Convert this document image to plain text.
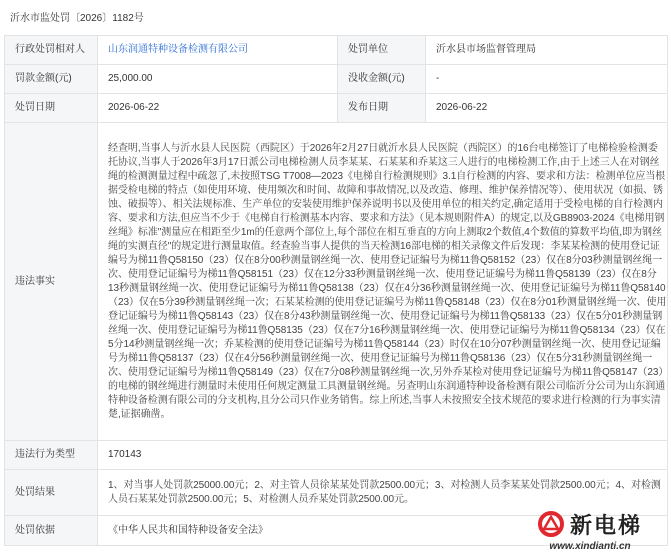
沂水市监处罚〔2026〕1182号
行政处罚相对人	山东润通特种设备检测有限公司	处罚单位	沂水县市场监督管理局
罚款金额(元)	25,000.00	没收金额(元)	-
处罚日期	2026-06-22	发布日期	2026-06-22
违法事实	经查明,当事人与沂水县人民医院（西院区）于2026年2月27日就沂水县人民医院（西院区）的16台电梯签订了电梯检验检测委托协议,当事人于2026年3月17日派公司电梯检测人员李某某、石某某和乔某这三人进行的电梯检测工作,由于上述三人在对钢丝绳的检测测量过程中疏忽了,未按照TSG T7008—2023《电梯自行检测规则》3.1自行检测的内容、要求和方法：检测单位应当根据受检电梯的特点（如使用环境、使用频次和时间、故障和事故情况,以及改造、修理、维护保养情况等）、使用状况（如损、锈蚀、破损等）、相关法规标准、生产单位的安装使用维护保养说明书以及使用单位的相关约定,确定适用于受检电梯的自行检测内容、要求和方法,但应当不少于《电梯自行检测基本内容、要求和方法》（见本规则附件A）的规定,以及GB8903-2024《电梯用钢丝绳》标准"测量应在相距至少1m的任意两个部位上,每个部位在相互垂直的方向上测取2个数值,4个数值的算数平均值,即为钢丝绳的实测直径"的规定进行测量取值。经查验当事人提供的当天检测16部电梯的相关录像文件后发现：李某某检测的使用登记证编号为梯11鲁Q58150（23）仅在8分00秒测量钢丝绳一次、使用登记证编号为梯11鲁Q58152（23）仅在8分03秒测量钢丝绳一次、使用登记证编号为梯11鲁Q58151（23）仅在12分33秒测量钢丝绳一次、使用登记证编号为梯11鲁Q58139（23）仅在8分13秒测量钢丝绳一次、使用登记证编号为梯11鲁Q58138（23）仅在4分36秒测量钢丝绳一次、使用登记证编号为梯11鲁Q58140（23）仅在5分39秒测量钢丝绳一次；石某某检测的使用登记证编号为梯11鲁Q58148（23）仅在8分01秒测量钢丝绳一次、使用登记证编号为梯11鲁Q58143（23）仅在8分43秒测量钢丝绳一次、使用登记证编号为梯11鲁Q58133（23）仅在5分01秒测量钢丝绳一次、使用登记证编号为梯11鲁Q58135（23）仅在7分16秒测量钢丝绳一次、使用登记证编号为梯11鲁Q58134（23）仅在5分14秒测量钢丝绳一次；乔某检测的使用登记证编号为梯11鲁Q58144（23）时仅在10分07秒测量钢丝绳一次、使用登记证编号为梯11鲁Q58137（23）仅在4分56秒测量钢丝绳一次、使用登记证编号为梯11鲁Q58136（23）仅在5分31秒测量钢丝绳一次、使用登记证编号为梯11鲁Q58149（23）仅在7分08秒测量钢丝绳一次,另外乔某检对使用登记证编号为梯11鲁Q58147（23）的电梯的钢丝绳进行测量时未使用任何规定测量工具测量钢丝绳。另查明山东润通特种设备检测有限公司临沂分公司为山东润通特种设备检测有限公司的分支机构,且分公司只作业务销售。综上所述,当事人未按照安全技术规范的要求进行检测的行为事实清楚,证据确凿。		
违法行为类型	170143		
处罚结果	1、对当事人处罚款25000.00元；2、对主管人员徐某某处罚款2500.00元；3、对检测人员李某某处罚款2500.00元；4、对检测人员石某某处罚款2500.00元；5、对检测人员乔某处罚款2500.00元。		
处罚依据	《中华人民共和国特种设备安全法》			新电梯
www.xindianti.cn
